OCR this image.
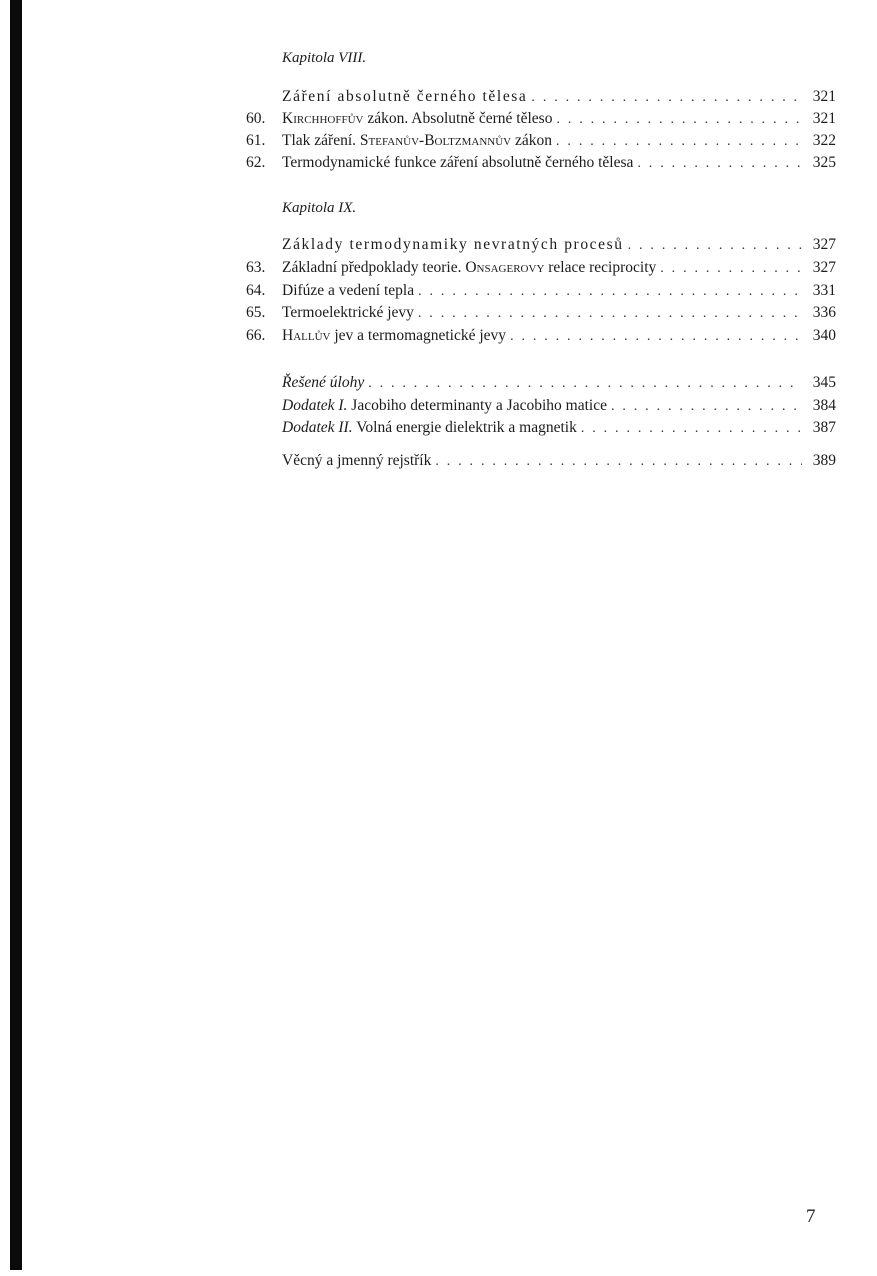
Kapitola VIII.
Záření absolutně černého tělesa . . .	321
60.	Kirchhoffův zákon. Absolutně černé těleso . . .	321
61.	Tlak záření. Stefanův-Boltzmannův zákon . . .	322
62.	Termodynamické funkce záření absolutně černého tělesa . . .	325
Kapitola IX.
Základy termodynamiky nevratných procesů . . .	327
63.	Základní předpoklady teorie. Onsagerovy relace reciprocity . . .	327
64.	Difúze a vedení tepla . . .	331
65.	Termoelektrické jevy . . .	336
66.	Hallův jev a termomagnetické jevy . . .	340
Řešené úlohy . . .	345
Dodatek I. Jacobiho determinanty a Jacobiho matice . . .	384
Dodatek II. Volná energie dielektrik a magnetik . . .	387
Věcný a jmenný rejstřík . . .	389
7
